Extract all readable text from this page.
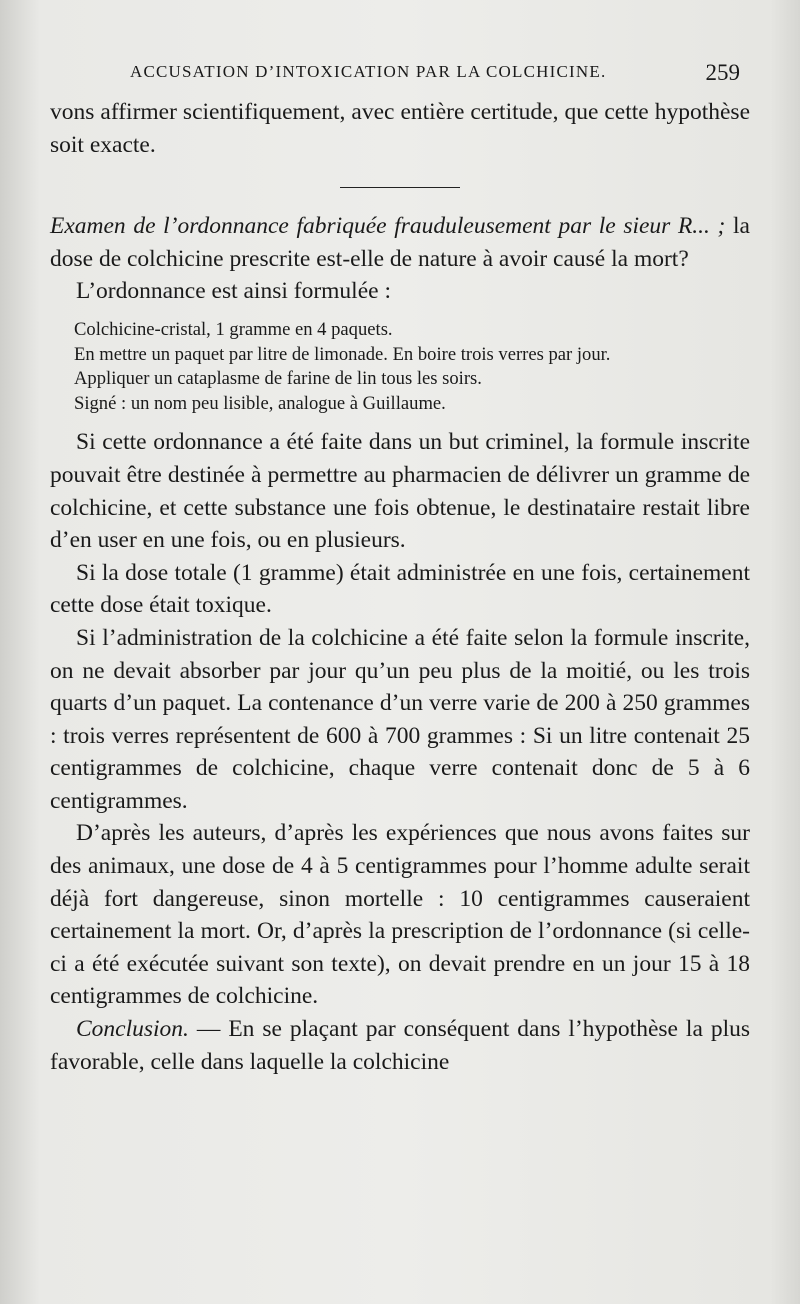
ACCUSATION D’INTOXICATION PAR LA COLCHICINE.	259

vons affirmer scientifiquement, avec entière certitude, que cette hypothèse soit exacte.

Examen de l’ordonnance fabriquée frauduleusement par le sieur R... ; la dose de colchicine prescrite est-elle de nature à avoir causé la mort?

L’ordonnance est ainsi formulée :

Colchicine-cristal, 1 gramme en 4 paquets.

En mettre un paquet par litre de limonade. En boire trois verres par jour.

Appliquer un cataplasme de farine de lin tous les soirs.

Signé : un nom peu lisible, analogue à Guillaume.

Si cette ordonnance a été faite dans un but criminel, la formule inscrite pouvait être destinée à permettre au pharmacien de délivrer un gramme de colchicine, et cette substance une fois obtenue, le destinataire restait libre d’en user en une fois, ou en plusieurs.

Si la dose totale (1 gramme) était administrée en une fois, certainement cette dose était toxique.

Si l’administration de la colchicine a été faite selon la formule inscrite, on ne devait absorber par jour qu’un peu plus de la moitié, ou les trois quarts d’un paquet. La contenance d’un verre varie de 200 à 250 grammes : trois verres représentent de 600 à 700 grammes : Si un litre contenait 25 centigrammes de colchicine, chaque verre contenait donc de 5 à 6 centigrammes.

D’après les auteurs, d’après les expériences que nous avons faites sur des animaux, une dose de 4 à 5 centigrammes pour l’homme adulte serait déjà fort dangereuse, sinon mortelle : 10 centigrammes causeraient certainement la mort. Or, d’après la prescription de l’ordonnance (si celle-ci a été exécutée suivant son texte), on devait prendre en un jour 15 à 18 centigrammes de colchicine.

Conclusion. — En se plaçant par conséquent dans l’hypothèse la plus favorable, celle dans laquelle la colchicine
